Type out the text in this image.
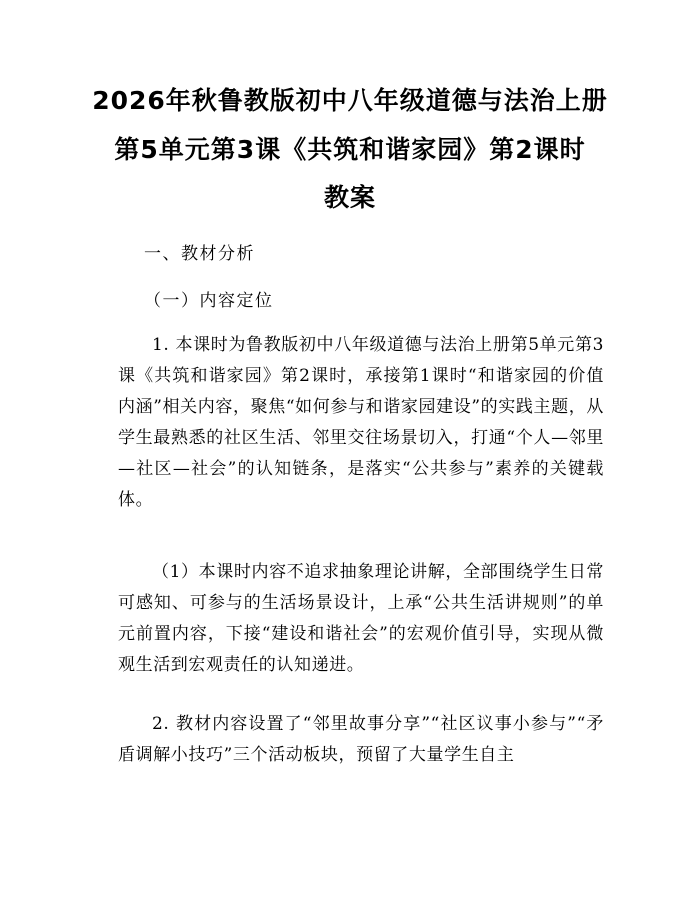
2026年秋鲁教版初中八年级道德与法治上册
第5单元第3课《共筑和谐家园》第2课时
教案
一、教材分析
（一）内容定位
1. 本课时为鲁教版初中八年级道德与法治上册第5单元第3课《共筑和谐家园》第2课时，承接第1课时“和谐家园的价值内涵”相关内容，聚焦“如何参与和谐家园建设”的实践主题，从学生最熟悉的社区生活、邻里交往场景切入，打通“个人—邻里—社区—社会”的认知链条，是落实“公共参与”素养的关键载体。
（1）本课时内容不追求抽象理论讲解，全部围绕学生日常可感知、可参与的生活场景设计，上承“公共生活讲规则”的单元前置内容，下接“建设和谐社会”的宏观价值引导，实现从微观生活到宏观责任的认知递进。
2. 教材内容设置了“邻里故事分享”“社区议事小参与”“矛盾调解小技巧”三个活动板块，预留了大量学生自主
